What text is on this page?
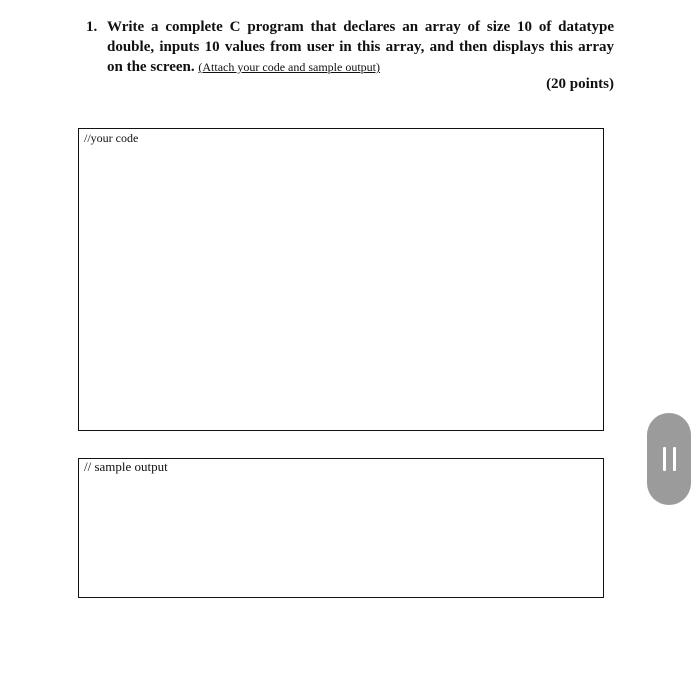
1. Write a complete C program that declares an array of size 10 of datatype double, inputs 10 values from user in this array, and then displays this array on the screen. (Attach your code and sample output)
(20 points)
//your code
// sample output
